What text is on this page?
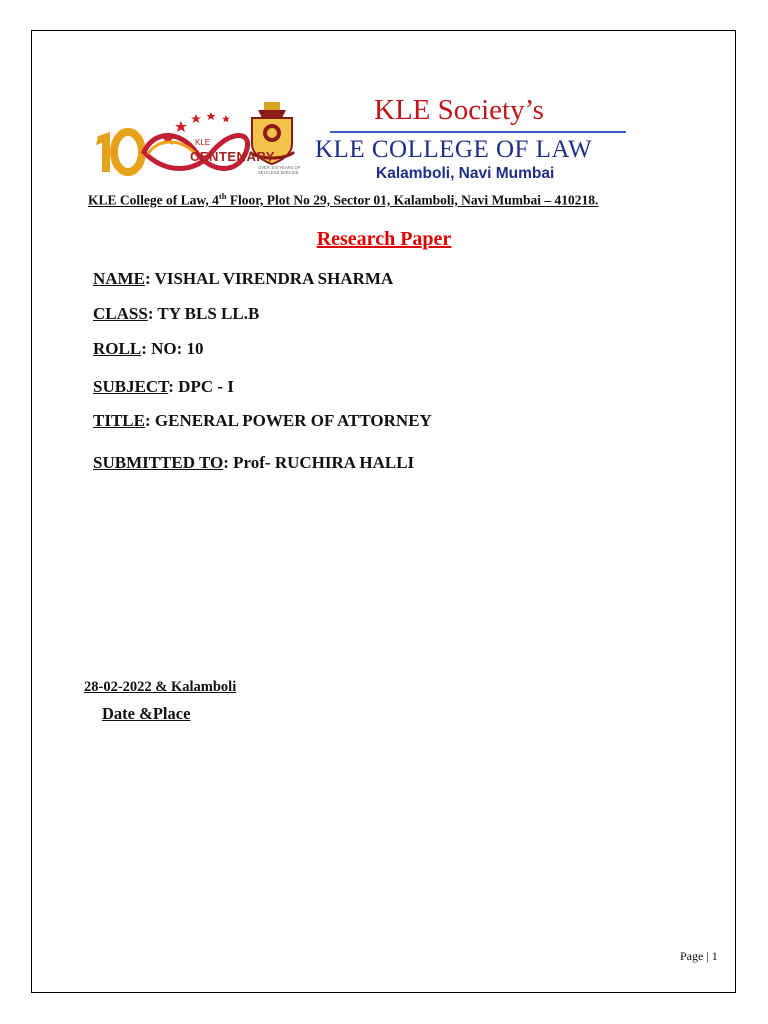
KLE
CENTENARY
OVER 100 YEARS OF SELFLESS SERVICE
KLE Society’s
KLE COLLEGE OF LAW
Kalamboli, Navi Mumbai
KLE College of Law, 4th Floor, Plot No 29, Sector 01, Kalamboli, Navi Mumbai – 410218.
Research Paper
NAME: VISHAL VIRENDRA SHARMA
CLASS: TY BLS LL.B
ROLL: NO: 10
SUBJECT: DPC - I
TITLE: GENERAL POWER OF ATTORNEY
SUBMITTED TO: Prof- RUCHIRA HALLI
28-02-2022 & Kalamboli
Date &Place
Page | 1
